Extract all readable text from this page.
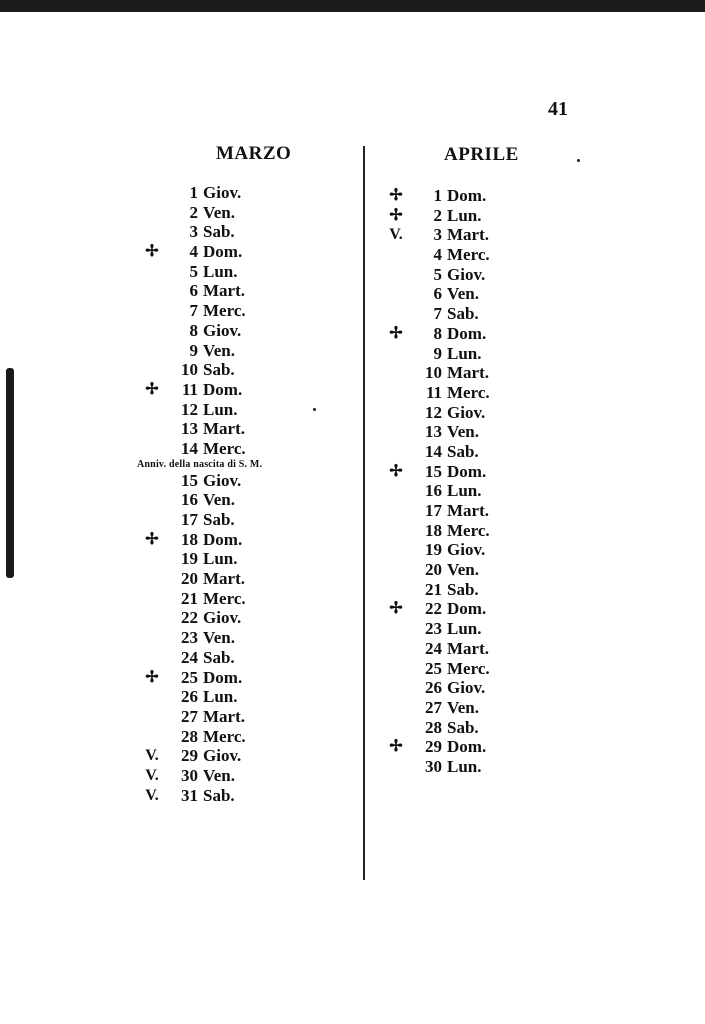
41
MARZO	APRILE
1 Giov.
2 Ven.
3 Sab.
✢	4 Dom.
5 Lun.
6 Mart.
7 Merc.
8 Giov.
9 Ven.
10 Sab.
✢	11 Dom.
12 Lun.
13 Mart.
14 Merc.
Anniv. della nascita di S. M.
15 Giov.
16 Ven.
17 Sab.
✢	18 Dom.
19 Lun.
20 Mart.
21 Merc.
22 Giov.
23 Ven.
24 Sab.
✢	25 Dom.
26 Lun.
27 Mart.
28 Merc.
V.	29 Giov.
V.	30 Ven.
V.	31 Sab.
✢	1 Dom.
✢	2 Lun.
V.	3 Mart.
4 Merc.
5 Giov.
6 Ven.
7 Sab.
✢	8 Dom.
9 Lun.
10 Mart.
11 Merc.
12 Giov.
13 Ven.
14 Sab.
✢	15 Dom.
16 Lun.
17 Mart.
18 Merc.
19 Giov.
20 Ven.
21 Sab.
✢	22 Dom.
23 Lun.
24 Mart.
25 Merc.
26 Giov.
27 Ven.
28 Sab.
✢	29 Dom.
30 Lun.
